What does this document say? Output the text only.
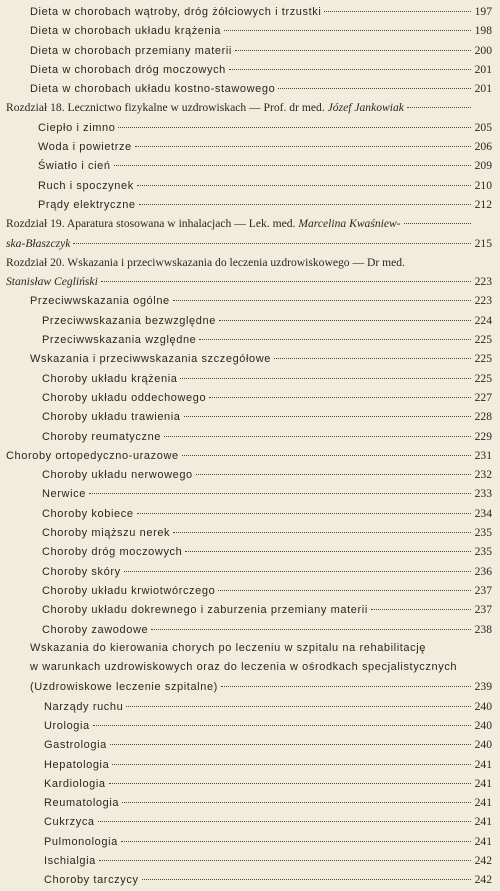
Dieta w chorobach wątroby, dróg żółciowych i trzustki	197
Dieta w chorobach układu krążenia	198
Dieta w chorobach przemiany materii	200
Dieta w chorobach dróg moczowych	201
Dieta w chorobach układu kostno-stawowego	201
Rozdział 18. Lecznictwo fizykalne w uzdrowiskach — Prof. dr med. Józef Jankowiak
Ciepło i zimno	205
Woda i powietrze	206
Światło i cień	209
Ruch i spoczynek	210
Prądy elektryczne	212
Rozdział 19. Aparatura stosowana w inhalacjach — Lek. med. Marcelina Kwaśniew-
ska-Błaszczyk	215
Rozdział 20. Wskazania i przeciwwskazania do leczenia uzdrowiskowego — Dr med.
Stanisław Cegliński	223
Przeciwwskazania ogólne	223
Przeciwwskazania bezwzględne	224
Przeciwwskazania względne	225
Wskazania i przeciwwskazania szczegółowe	225
Choroby układu krążenia	225
Choroby układu oddechowego	227
Choroby układu trawienia	228
Choroby reumatyczne	229
Choroby ortopedyczno-urazowe	231
Choroby układu nerwowego	232
Nerwice	233
Choroby kobiece	234
Choroby miąższu nerek	235
Choroby dróg moczowych	235
Choroby skóry	236
Choroby układu krwiotwórczego	237
Choroby układu dokrewnego i zaburzenia przemiany materii	237
Choroby zawodowe	238
Wskazania do kierowania chorych po leczeniu w szpitalu na rehabilitację
w warunkach uzdrowiskowych oraz do leczenia w ośrodkach specjalistycznych
(Uzdrowiskowe leczenie szpitalne)	239
Narządy ruchu	240
Urologia	240
Gastrologia	240
Hepatologia	241
Kardiologia	241
Reumatologia	241
Cukrzyca	241
Pulmonologia	241
Ischialgia	242
Choroby tarczycy	242
